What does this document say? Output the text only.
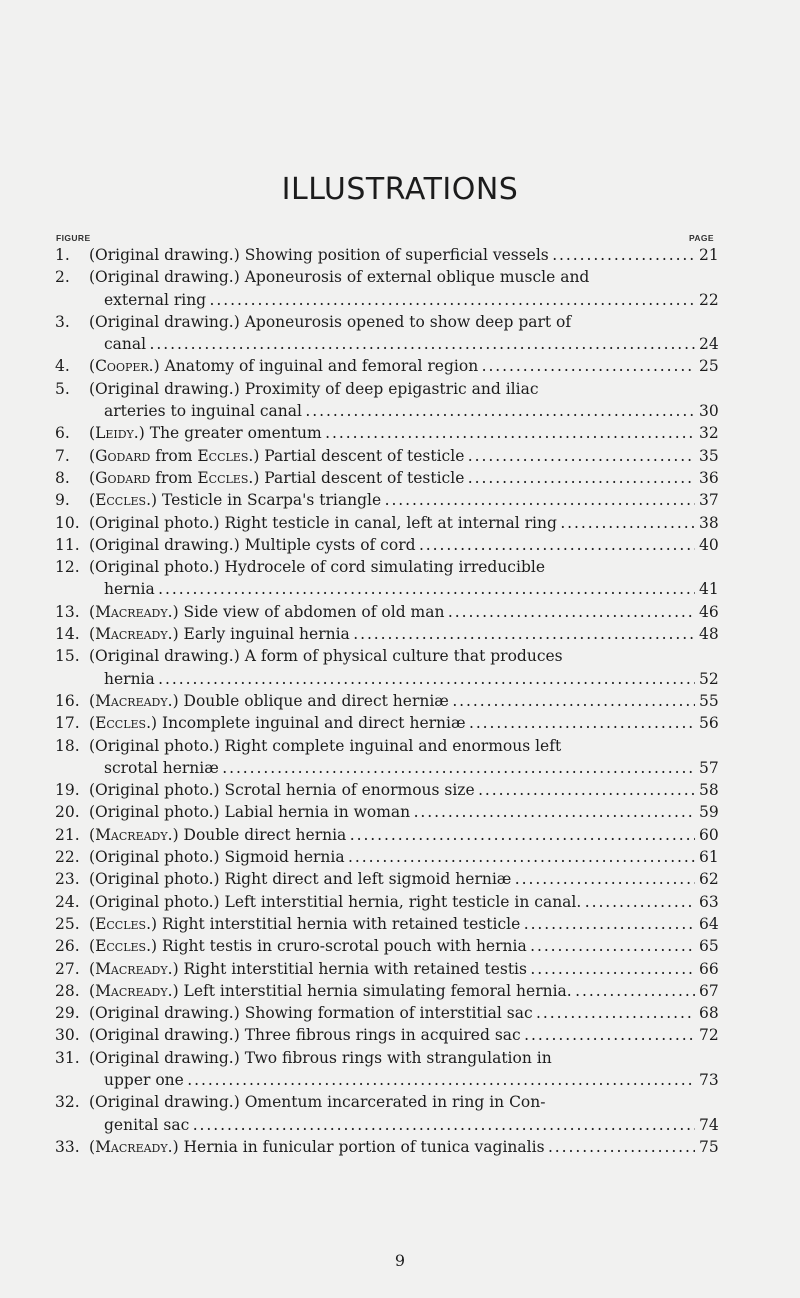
ILLUSTRATIONS
FIGURE	PAGE
1. (Original drawing.) Showing position of superficial vessels . . .	21
2. (Original drawing.) Aponeurosis of external oblique muscle and
external ring . . .	22
3. (Original drawing.) Aponeurosis opened to show deep part of
canal . . .	24
4. (Cooper.) Anatomy of inguinal and femoral region . . .	25
5. (Original drawing.) Proximity of deep epigastric and iliac
arteries to inguinal canal . . .	30
6. (Leidy.) The greater omentum . . .	32
7. (Godard from Eccles.) Partial descent of testicle . . .	35
8. (Godard from Eccles.) Partial descent of testicle . . .	36
9. (Eccles.) Testicle in Scarpa's triangle . . .	37
10. (Original photo.) Right testicle in canal, left at internal ring . . .	38
11. (Original drawing.) Multiple cysts of cord . . .	40
12. (Original photo.) Hydrocele of cord simulating irreducible
hernia . . .	41
13. (Macready.) Side view of abdomen of old man . . .	46
14. (Macready.) Early inguinal hernia . . .	48
15. (Original drawing.) A form of physical culture that produces
hernia . . .	52
16. (Macready.) Double oblique and direct herniæ . . .	55
17. (Eccles.) Incomplete inguinal and direct herniæ . . .	56
18. (Original photo.) Right complete inguinal and enormous left
scrotal herniæ . . .	57
19. (Original photo.) Scrotal hernia of enormous size . . .	58
20. (Original photo.) Labial hernia in woman . . .	59
21. (Macready.) Double direct hernia . . .	60
22. (Original photo.) Sigmoid hernia . . .	61
23. (Original photo.) Right direct and left sigmoid herniæ . . .	62
24. (Original photo.) Left interstitial hernia, right testicle in canal. . . .	63
25. (Eccles.) Right interstitial hernia with retained testicle . . .	64
26. (Eccles.) Right testis in cruro-scrotal pouch with hernia . . .	65
27. (Macready.) Right interstitial hernia with retained testis . . .	66
28. (Macready.) Left interstitial hernia simulating femoral hernia. . . .	67
29. (Original drawing.) Showing formation of interstitial sac . . .	68
30. (Original drawing.) Three fibrous rings in acquired sac . . .	72
31. (Original drawing.) Two fibrous rings with strangulation in
upper one . . .	73
32. (Original drawing.) Omentum incarcerated in ring in Con-
genital sac . . .	74
33. (Macready.) Hernia in funicular portion of tunica vaginalis . . .	75
9
